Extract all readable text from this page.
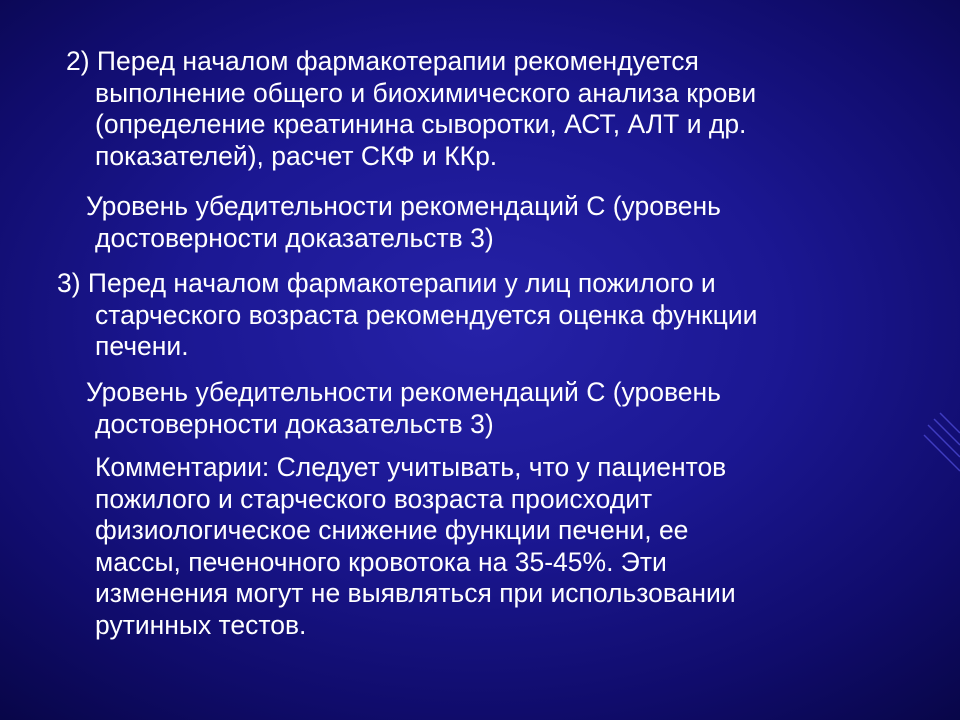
2) Перед началом фармакотерапии рекомендуется
выполнение общего и биохимического анализа крови
(определение креатинина сыворотки, АСТ, АЛТ и др.
показателей), расчет СКФ и ККр.
Уровень убедительности рекомендаций С (уровень
достоверности доказательств 3)
3) Перед началом фармакотерапии у лиц пожилого и
старческого возраста рекомендуется оценка функции
печени.
Уровень убедительности рекомендаций С (уровень
достоверности доказательств 3)
Комментарии: Следует учитывать, что у пациентов
пожилого и старческого возраста происходит
физиологическое снижение функции печени, ее
массы, печеночного кровотока на 35-45%. Эти
изменения могут не выявляться при использовании
рутинных тестов.
